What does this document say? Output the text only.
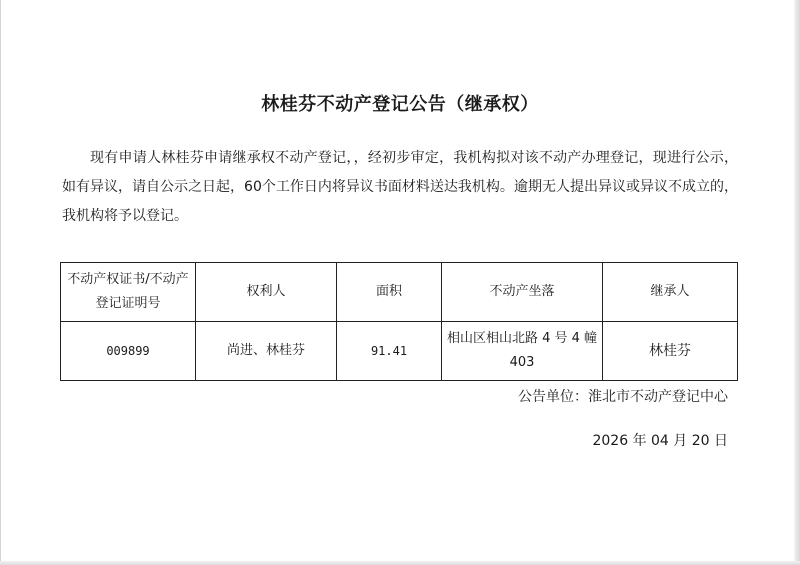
林桂芬不动产登记公告（继承权）
现有申请人林桂芬申请继承权不动产登记，，经初步审定，我机构拟对该不动产办理登记，现进行公示，如有异议，请自公示之日起，60个工作日内将异议书面材料送达我机构。逾期无人提出异议或异议不成立的，我机构将予以登记。
不动产权证书/不动产登记证明号	权利人	面积	不动产坐落	继承人
009899	尚进、林桂芬	91.41	相山区相山北路 4 号 4 幢 403	林桂芬
公告单位：淮北市不动产登记中心
2026 年 04 月 20 日
